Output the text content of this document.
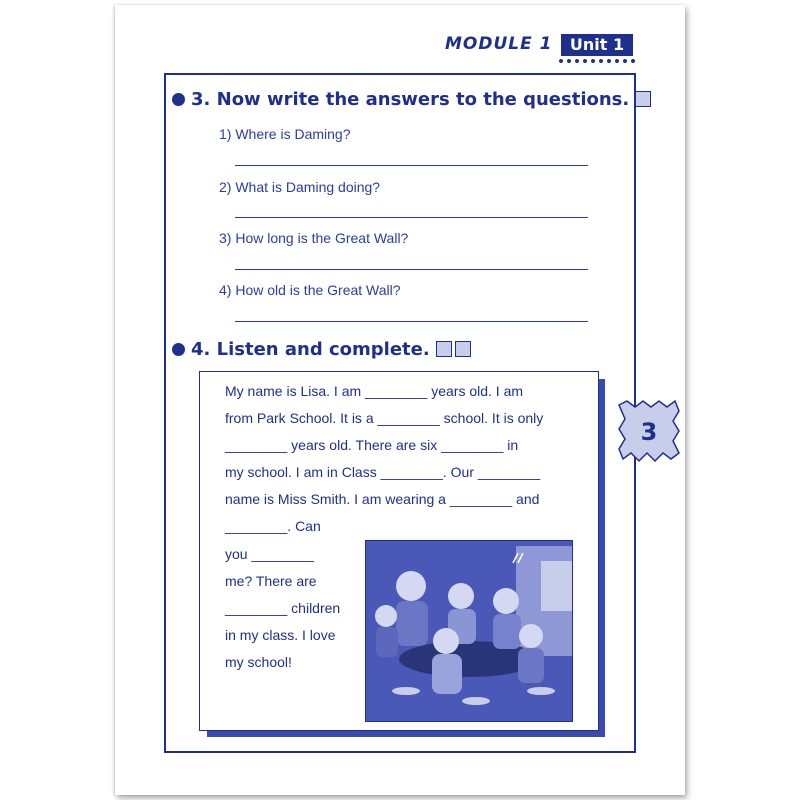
MODULE 1	Unit 1
3. Now write the answers to the questions.
1) Where is Daming?
2) What is Daming doing?
3) How long is the Great Wall?
4) How old is the Great Wall?
4. Listen and complete.
My name is Lisa. I am ________ years old. I am
from Park School. It is a ________ school. It is only
________ years old. There are six ________ in
my school. I am in Class ________. Our ________
name is Miss Smith. I am wearing a ________ and
________. Can
you ________
me? There are
________ children
in my class. I love
my school!
3
